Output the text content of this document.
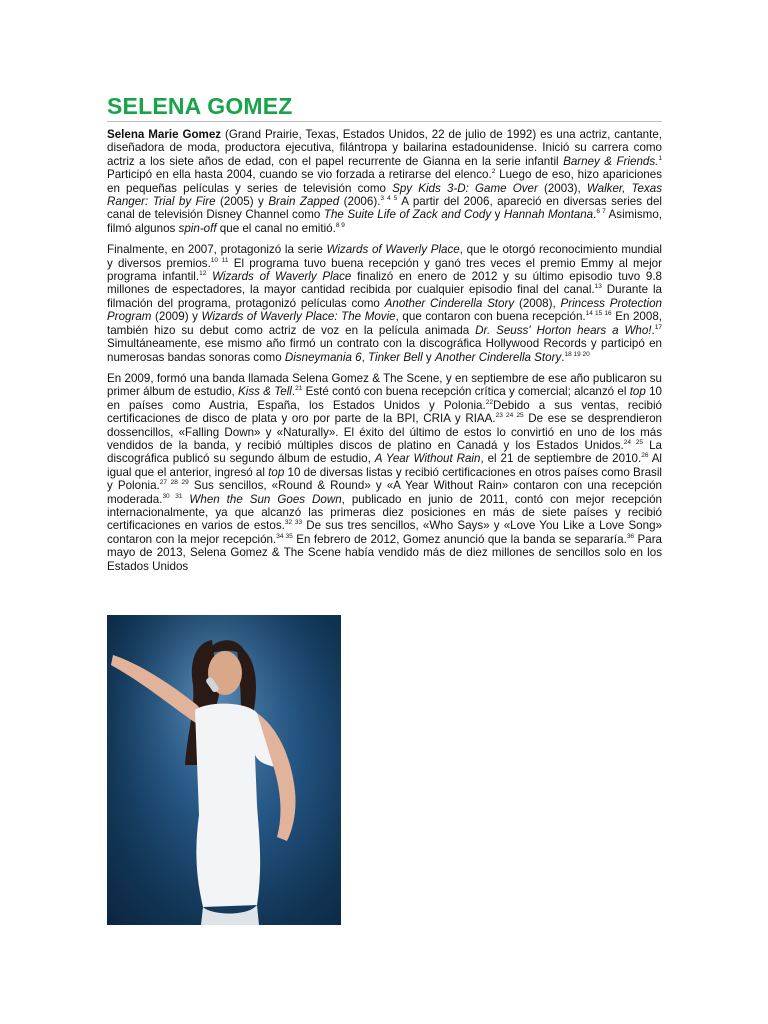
SELENA GOMEZ

Selena Marie Gomez (Grand Prairie, Texas, Estados Unidos, 22 de julio de 1992) es una actriz, cantante, diseñadora de moda, productora ejecutiva, filántropa y bailarina estadounidense. Inició su carrera como actriz a los siete años de edad, con el papel recurrente de Gianna en la serie infantil Barney & Friends.$^1$ Participó en ella hasta 2004, cuando se vio forzada a retirarse del elenco.$^2$ Luego de eso, hizo apariciones en pequeñas películas y series de televisión como Spy Kids 3-D: Game Over (2003), Walker, Texas Ranger: Trial by Fire (2005) y Brain Zapped (2006).$^{3 4 5}$ A partir del 2006, apareció en diversas series del canal de televisión Disney Channel como The Suite Life of Zack and Cody y Hannah Montana.$^{6 7}$ Asimismo, filmó algunos spin-off que el canal no emitió.$^{8 9}$

Finalmente, en 2007, protagonizó la serie Wizards of Waverly Place, que le otorgó reconocimiento mundial y diversos premios.$^{10 11}$ El programa tuvo buena recepción y ganó tres veces el premio Emmy al mejor programa infantil.$^{12}$ Wizards of Waverly Place finalizó en enero de 2012 y su último episodio tuvo 9.8 millones de espectadores, la mayor cantidad recibida por cualquier episodio final del canal.$^{13}$ Durante la filmación del programa, protagonizó películas como Another Cinderella Story (2008), Princess Protection Program (2009) y Wizards of Waverly Place: The Movie, que contaron con buena recepción.$^{14 15 16}$ En 2008, también hizo su debut como actriz de voz en la película animada Dr. Seuss' Horton hears a Who!.$^{17}$ Simultáneamente, ese mismo año firmó un contrato con la discográfica Hollywood Records y participó en numerosas bandas sonoras como Disneymania 6, Tinker Bell y Another Cinderella Story.$^{18 19 20}$

En 2009, formó una banda llamada Selena Gomez & The Scene, y en septiembre de ese año publicaron su primer álbum de estudio, Kiss & Tell.$^{21}$ Esté contó con buena recepción crítica y comercial; alcanzó el top 10 en países como Austria, España, los Estados Unidos y Polonia.$^{22}$Debido a sus ventas, recibió certificaciones de disco de plata y oro por parte de la BPI, CRIA y RIAA.$^{23 24 25}$ De ese se desprendieron dossencillos, «Falling Down» y «Naturally». El éxito del último de estos lo convirtió en uno de los más vendidos de la banda, y recibió múltiples discos de platino en Canadá y los Estados Unidos.$^{24 25}$ La discográfica publicó su segundo álbum de estudio, A Year Without Rain, el 21 de septiembre de 2010.26 Al igual que el anterior, ingresó al top 10 de diversas listas y recibió certificaciones en otros países como Brasil y Polonia.$^{27 28 29}$ Sus sencillos, «Round & Round» y «A Year Without Rain» contaron con una recepción moderada.$^{30 31}$ When the Sun Goes Down, publicado en junio de 2011, contó con mejor recepción internacionalmente, ya que alcanzó las primeras diez posiciones en más de siete países y recibió certificaciones en varios de estos.$^{32 33}$ De sus tres sencillos, «Who Says» y «Love You Like a Love Song» contaron con la mejor recepción.$^{34 35}$ En febrero de 2012, Gomez anunció que la banda se separaría.$^{36}$ Para mayo de 2013, Selena Gomez & The Scene había vendido más de diez millones de sencillos solo en los Estados Unidos
